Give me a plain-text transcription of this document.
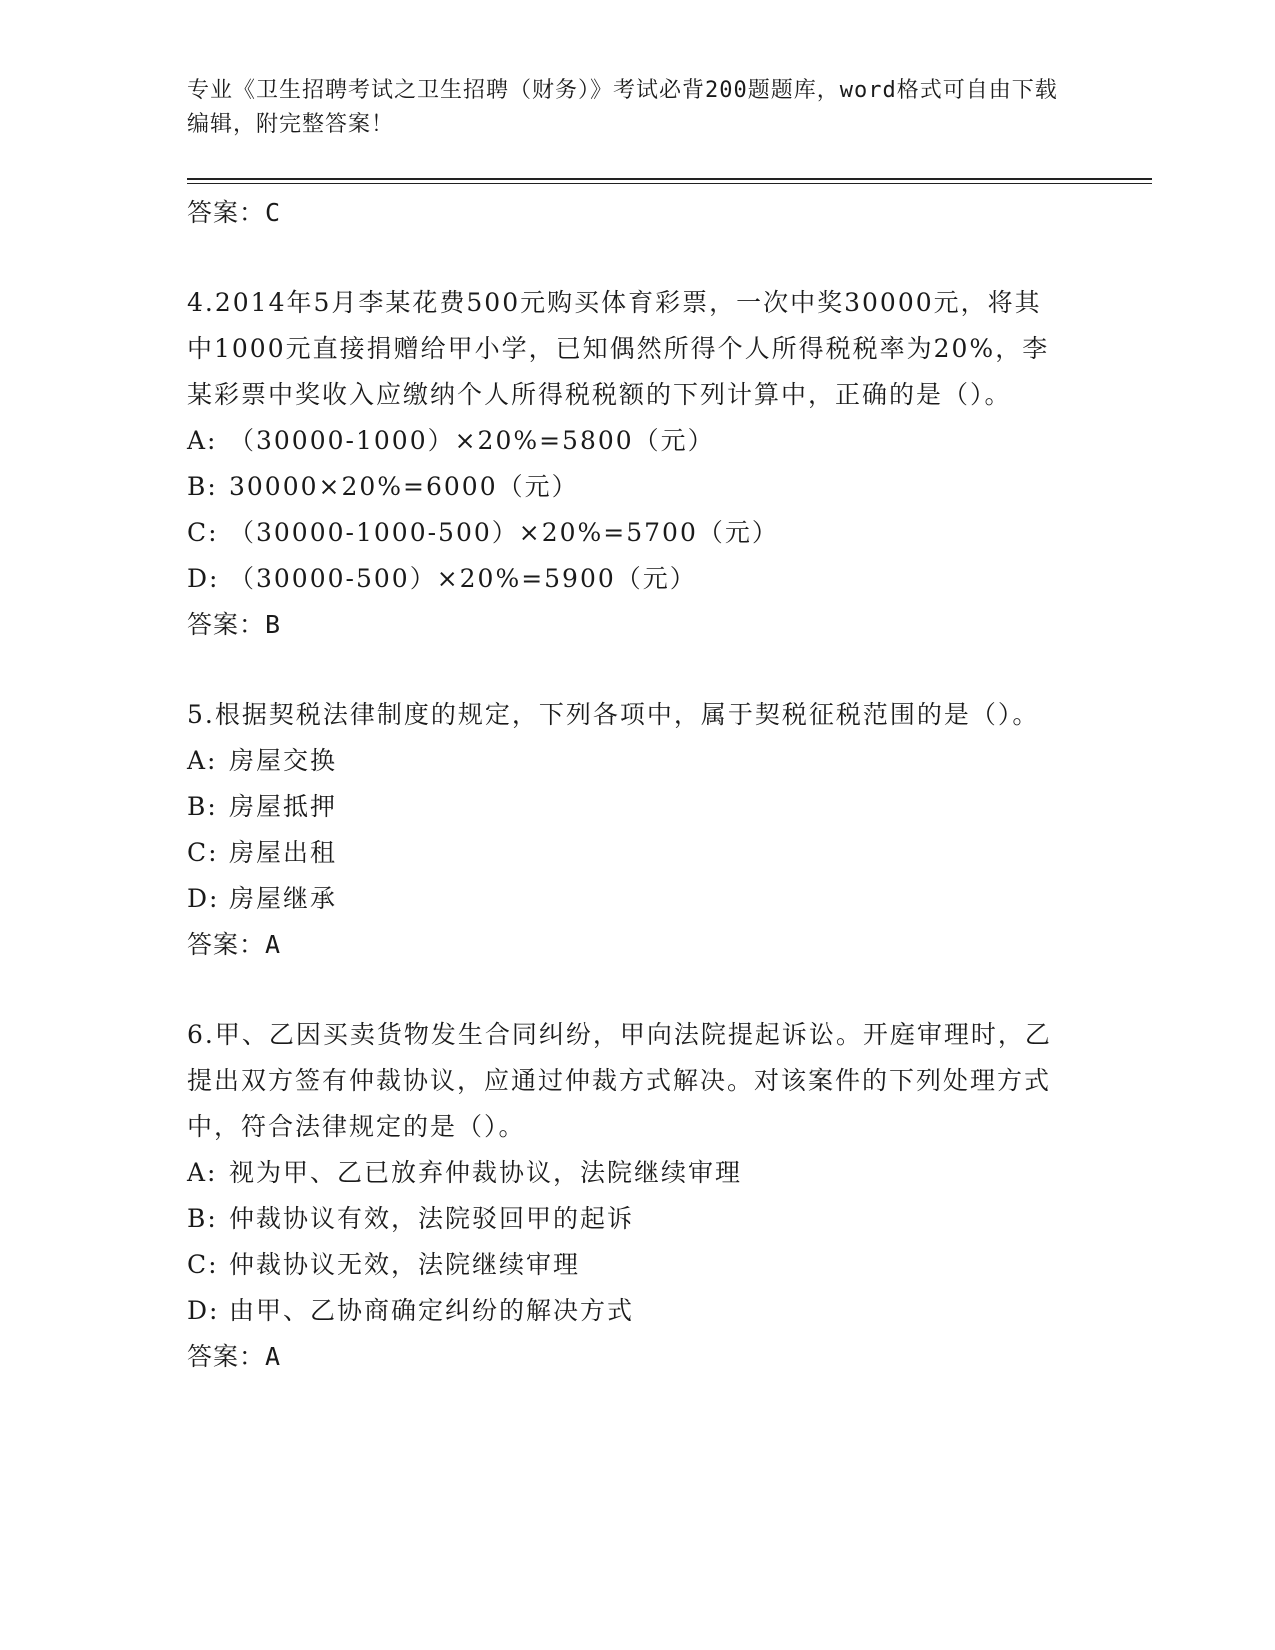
专业《卫生招聘考试之卫生招聘（财务）》考试必背200题题库，word格式可自由下载编辑，附完整答案！
答案：C
4.2014年5月李某花费500元购买体育彩票，一次中奖30000元，将其中1000元直接捐赠给甲小学，已知偶然所得个人所得税税率为20%，李某彩票中奖收入应缴纳个人所得税税额的下列计算中，正确的是（）。
A: （30000-1000）×20%=5800（元）
B: 30000×20%=6000（元）
C: （30000-1000-500）×20%=5700（元）
D: （30000-500）×20%=5900（元）
答案：B
5.根据契税法律制度的规定，下列各项中，属于契税征税范围的是（）。
A: 房屋交换
B: 房屋抵押
C: 房屋出租
D: 房屋继承
答案：A
6.甲、乙因买卖货物发生合同纠纷，甲向法院提起诉讼。开庭审理时，乙提出双方签有仲裁协议，应通过仲裁方式解决。对该案件的下列处理方式中，符合法律规定的是（）。
A: 视为甲、乙已放弃仲裁协议，法院继续审理
B: 仲裁协议有效，法院驳回甲的起诉
C: 仲裁协议无效，法院继续审理
D: 由甲、乙协商确定纠纷的解决方式
答案：A
